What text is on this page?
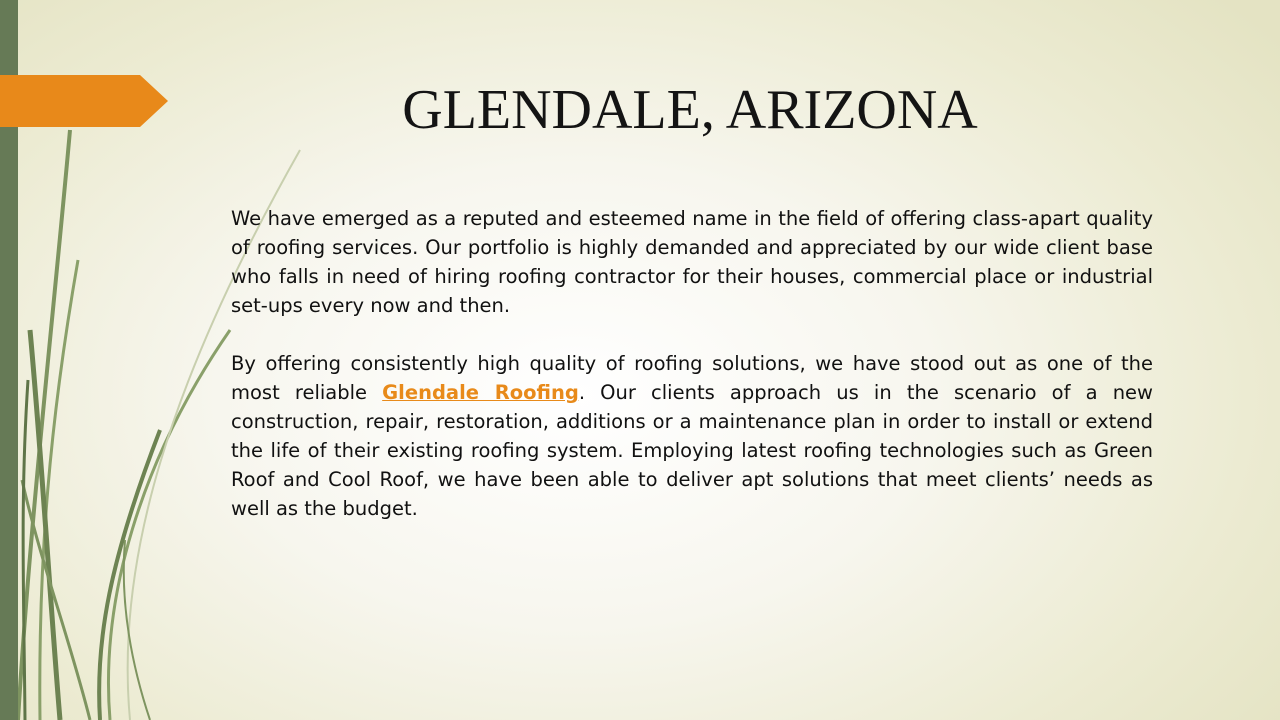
GLENDALE, ARIZONA

We have emerged as a reputed and esteemed name in the field of offering class-apart quality of roofing services. Our portfolio is highly demanded and appreciated by our wide client base who falls in need of hiring roofing contractor for their houses, commercial place or industrial set-ups every now and then.

By offering consistently high quality of roofing solutions, we have stood out as one of the most reliable Glendale Roofing. Our clients approach us in the scenario of a new construction, repair, restoration, additions or a maintenance plan in order to install or extend the life of their existing roofing system. Employing latest roofing technologies such as Green Roof and Cool Roof, we have been able to deliver apt solutions that meet clients’ needs as well as the budget.
